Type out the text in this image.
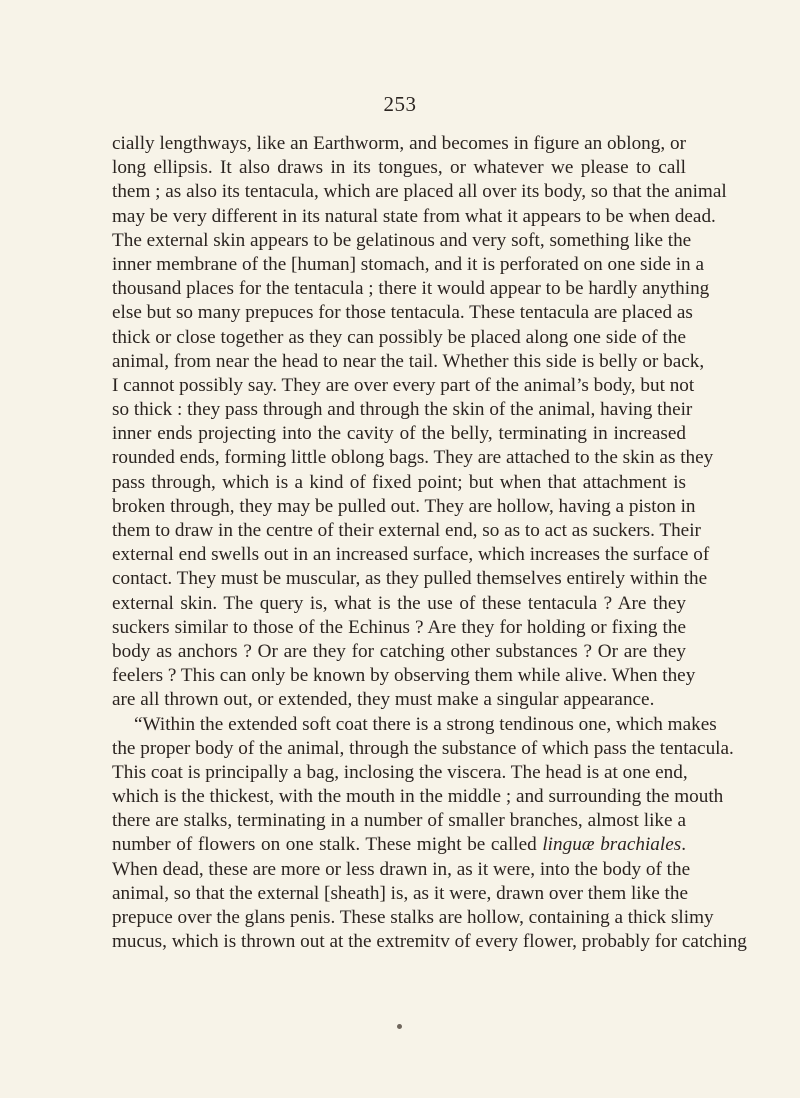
253
cially lengthways, like an Earthworm, and becomes in figure an oblong, or
long ellipsis. It also draws in its tongues, or whatever we please to call
them ; as also its tentacula, which are placed all over its body, so that the animal
may be very different in its natural state from what it appears to be when dead.
The external skin appears to be gelatinous and very soft, something like the
inner membrane of the [human] stomach, and it is perforated on one side in a
thousand places for the tentacula ; there it would appear to be hardly anything
else but so many prepuces for those tentacula. These tentacula are placed as
thick or close together as they can possibly be placed along one side of the
animal, from near the head to near the tail. Whether this side is belly or back,
I cannot possibly say. They are over every part of the animal’s body, but not
so thick : they pass through and through the skin of the animal, having their
inner ends projecting into the cavity of the belly, terminating in increased
rounded ends, forming little oblong bags. They are attached to the skin as they
pass through, which is a kind of fixed point; but when that attachment is
broken through, they may be pulled out. They are hollow, having a piston in
them to draw in the centre of their external end, so as to act as suckers. Their
external end swells out in an increased surface, which increases the surface of
contact. They must be muscular, as they pulled themselves entirely within the
external skin. The query is, what is the use of these tentacula ? Are they
suckers similar to those of the Echinus ? Are they for holding or fixing the
body as anchors ? Or are they for catching other substances ? Or are they
feelers ? This can only be known by observing them while alive. When they
are all thrown out, or extended, they must make a singular appearance.
“Within the extended soft coat there is a strong tendinous one, which makes
the proper body of the animal, through the substance of which pass the tentacula.
This coat is principally a bag, inclosing the viscera. The head is at one end,
which is the thickest, with the mouth in the middle ; and surrounding the mouth
there are stalks, terminating in a number of smaller branches, almost like a
number of flowers on one stalk. These might be called linguæ brachiales.
When dead, these are more or less drawn in, as it were, into the body of the
animal, so that the external [sheath] is, as it were, drawn over them like the
prepuce over the glans penis. These stalks are hollow, containing a thick slimy
mucus, which is thrown out at the extremitv of every flower, probably for catching
